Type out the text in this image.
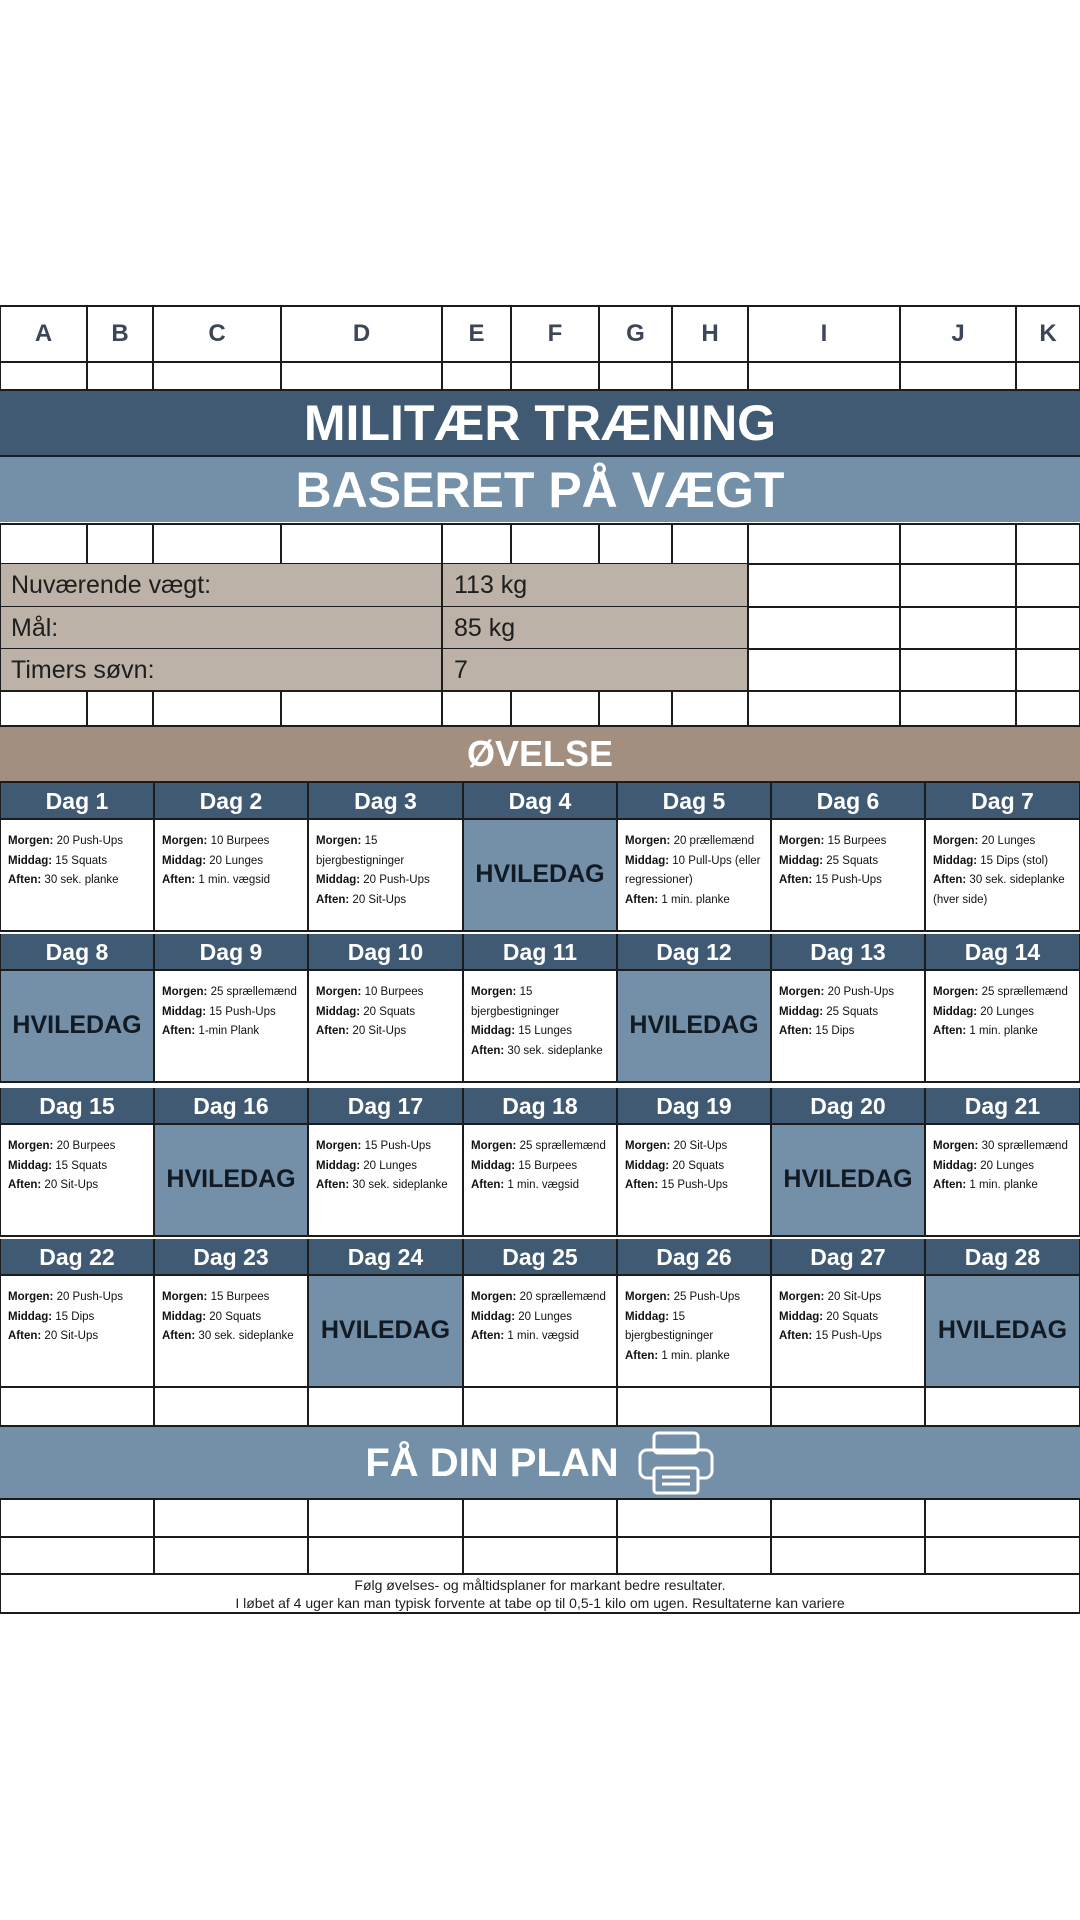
A	B	C	D	E	F	G	H	I	J	K
MILITÆR TRÆNING
BASERET PÅ VÆGT
Nuværende vægt:	113 kg
Mål:	85 kg
Timers søvn:	7
ØVELSE
Dag 1
Morgen: 20 Push-Ups
Middag: 15 Squats
Aften: 30 sek. planke
Dag 2
Morgen: 10 Burpees
Middag: 20 Lunges
Aften: 1 min. vægsid
Dag 3
Morgen: 15 bjergbestigninger
Middag: 20 Push-Ups
Aften: 20 Sit-Ups
Dag 4
HVILEDAG
Dag 5
Morgen: 20 prællemænd
Middag: 10 Pull-Ups (eller regressioner)
Aften: 1 min. planke
Dag 6
Morgen: 15 Burpees
Middag: 25 Squats
Aften: 15 Push-Ups
Dag 7
Morgen: 20 Lunges
Middag: 15 Dips (stol)
Aften: 30 sek. sideplanke (hver side)
Dag 8
HVILEDAG
Dag 9
Morgen: 25 sprællemænd
Middag: 15 Push-Ups
Aften: 1-min Plank
Dag 10
Morgen: 10 Burpees
Middag: 20 Squats
Aften: 20 Sit-Ups
Dag 11
Morgen: 15 bjergbestigninger
Middag: 15 Lunges
Aften: 30 sek. sideplanke
Dag 12
HVILEDAG
Dag 13
Morgen: 20 Push-Ups
Middag: 25 Squats
Aften: 15 Dips
Dag 14
Morgen: 25 sprællemænd
Middag: 20 Lunges
Aften: 1 min. planke
Dag 15
Morgen: 20 Burpees
Middag: 15 Squats
Aften: 20 Sit-Ups
Dag 16
HVILEDAG
Dag 17
Morgen: 15 Push-Ups
Middag: 20 Lunges
Aften: 30 sek. sideplanke
Dag 18
Morgen: 25 sprællemænd
Middag: 15 Burpees
Aften: 1 min. vægsid
Dag 19
Morgen: 20 Sit-Ups
Middag: 20 Squats
Aften: 15 Push-Ups
Dag 20
HVILEDAG
Dag 21
Morgen: 30 sprællemænd
Middag: 20 Lunges
Aften: 1 min. planke
Dag 22
Morgen: 20 Push-Ups
Middag: 15 Dips
Aften: 20 Sit-Ups
Dag 23
Morgen: 15 Burpees
Middag: 20 Squats
Aften: 30 sek. sideplanke
Dag 24
HVILEDAG
Dag 25
Morgen: 20 sprællemænd
Middag: 20 Lunges
Aften: 1 min. vægsid
Dag 26
Morgen: 25 Push-Ups
Middag: 15 bjergbestigninger
Aften: 1 min. planke
Dag 27
Morgen: 20 Sit-Ups
Middag: 20 Squats
Aften: 15 Push-Ups
Dag 28
HVILEDAG
FÅ DIN PLAN
Følg øvelses- og måltidsplaner for markant bedre resultater.
I løbet af 4 uger kan man typisk forvente at tabe op til 0,5-1 kilo om ugen. Resultaterne kan variere
